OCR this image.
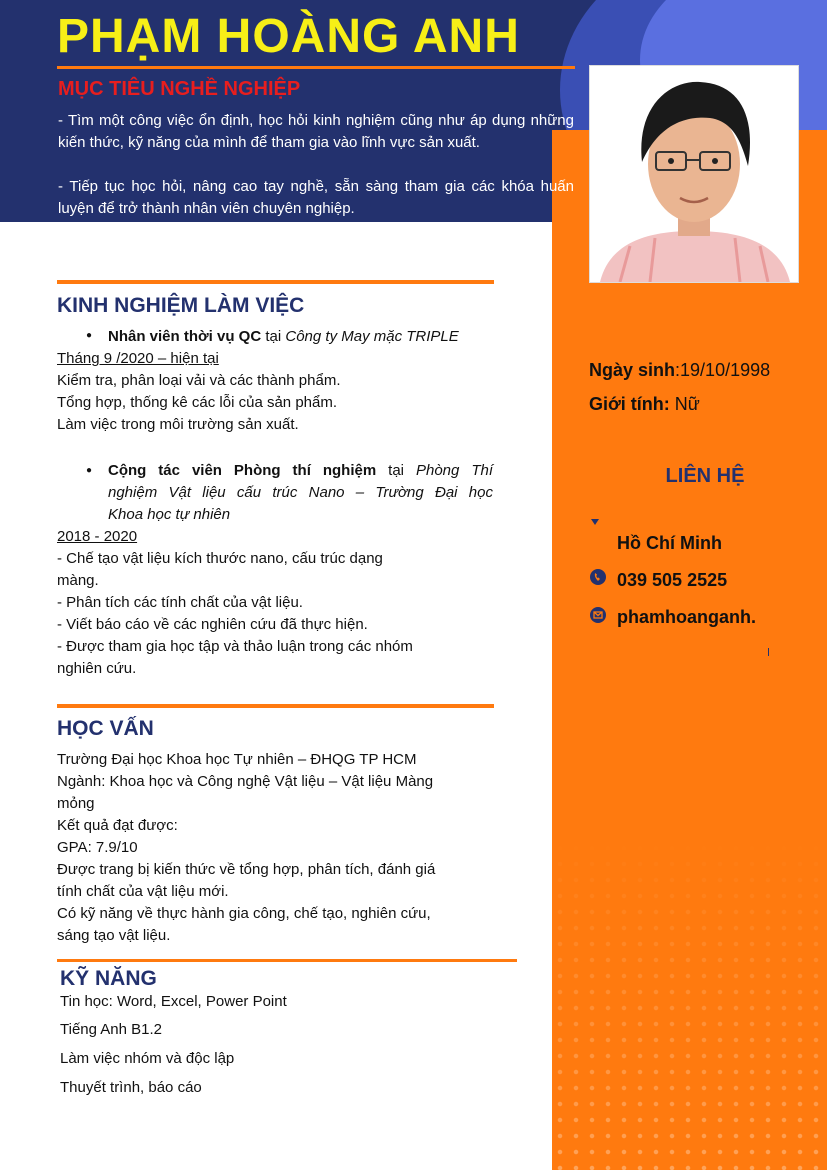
PHẠM HOÀNG ANH
MỤC TIÊU NGHỀ NGHIỆP

- Tìm một công việc ổn định, học hỏi kinh nghiệm cũng như áp dụng những kiến thức, kỹ năng của mình để tham gia vào lĩnh vực sản xuất.

- Tiếp tục học hỏi, nâng cao tay nghề, sẵn sàng tham gia các khóa huấn luyện để trở thành nhân viên chuyên nghiệp.

KINH NGHIỆM LÀM VIỆC
● Nhân viên thời vụ QC tại Công ty May mặc TRIPLE

Tháng 9 /2020 – hiện tại

Kiểm tra, phân loại vải và các thành phẩm.

Tổng hợp, thống kê các lỗi của sản phẩm.

Làm việc trong môi trường sản xuất.

● Cộng tác viên Phòng thí nghiệm tại Phòng Thí

nghiệm Vật liệu cấu trúc Nano – Trường Đại học

Khoa học tự nhiên

2018 - 2020

- Chế tạo vật liệu kích thước nano, cấu trúc dạng

màng.

- Phân tích các tính chất của vật liệu.

- Viết báo cáo về các nghiên cứu đã thực hiện.

- Được tham gia học tập và thảo luận trong các nhóm

nghiên cứu.

HỌC VẤN

Trường Đại học Khoa học Tự nhiên – ĐHQG TP HCM

Ngành: Khoa học và Công nghệ Vật liệu – Vật liệu Màng

mỏng

Kết quả đạt được:

GPA: 7.9/10

Được trang bị kiến thức về tổng hợp, phân tích, đánh giá

tính chất của vật liệu mới.

Có kỹ năng về thực hành gia công, chế tạo, nghiên cứu,

sáng tạo vật liệu.

KỸ NĂNG

Tin học: Word, Excel, Power Point

Tiếng Anh B1.2

Làm việc nhóm và độc lập

Thuyết trình, báo cáo

Ngày sinh:19/10/1998
Giới tính: Nữ
LIÊN HỆ
Hồ Chí Minh
039 505 2525
phamhoanganh.
